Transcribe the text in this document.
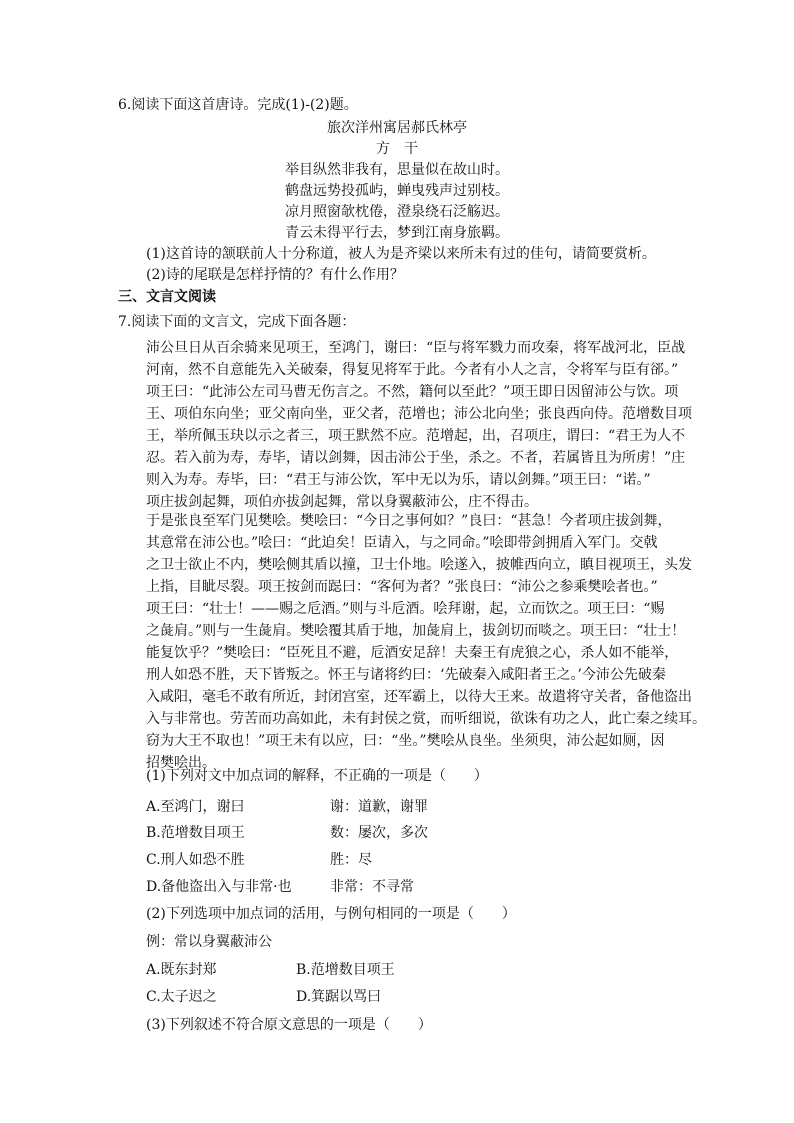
6.阅读下面这首唐诗。完成(1)-(2)题。
旅次洋州寓居郝氏林亭
方　干
举目纵然非我有，思量似在故山时。
鹤盘远势投孤屿，蝉曳残声过别枝。
凉月照窗欹枕倦，澄泉绕石泛觞迟。
青云未得平行去，梦到江南身旅羁。
(1)这首诗的颔联前人十分称道，被人为是齐梁以来所未有过的佳句，请简要赏析。
(2)诗的尾联是怎样抒情的？有什么作用？
三、文言文阅读
7.阅读下面的文言文，完成下面各题：
沛公旦日从百余骑来见项王，至鸿门，谢曰：“臣与将军戮力而攻秦，将军战河北，臣战
河南，然不自意能先入关破秦，得复见将军于此。今者有小人之言，令将军与臣有郤。”
项王曰：“此沛公左司马曹无伤言之。不然，籍何以至此？”项王即日因留沛公与饮。项
王、项伯东向坐；亚父南向坐，亚父者，范增也；沛公北向坐；张良西向侍。范增数目项
王，举所佩玉玦以示之者三，项王默然不应。范增起，出，召项庄，谓曰：“君王为人不
忍。若入前为寿，寿毕，请以剑舞，因击沛公于坐，杀之。不者，若属皆且为所虏！”庄
则入为寿。寿毕，曰：“君王与沛公饮，军中无以为乐，请以剑舞。”项王曰：“诺。”
项庄拔剑起舞，项伯亦拔剑起舞，常以身翼蔽沛公，庄不得击。
于是张良至军门见樊哙。樊哙曰：“今日之事何如？”良曰：“甚急！今者项庄拔剑舞，
其意常在沛公也。”哙曰：“此迫矣！臣请入，与之同命。”哙即带剑拥盾入军门。交戟
之卫士欲止不内，樊哙侧其盾以撞，卫士仆地。哙遂入，披帷西向立，瞋目视项王，头发
上指，目眦尽裂。项王按剑而跽曰：“客何为者？”张良曰：“沛公之参乘樊哙者也。”
项王曰：“壮士！——赐之卮酒。”则与斗卮酒。哙拜谢，起，立而饮之。项王曰：“赐
之彘肩。”则与一生彘肩。樊哙覆其盾于地，加彘肩上，拔剑切而啖之。项王曰：“壮士！
能复饮乎？”樊哙曰：“臣死且不避，卮酒安足辞！夫秦王有虎狼之心，杀人如不能举，
刑人如恐不胜，天下皆叛之。怀王与诸将约曰：‘先破秦入咸阳者王之。’今沛公先破秦
入咸阳，毫毛不敢有所近，封闭宫室，还军霸上，以待大王来。故遣将守关者，备他盗出
入与非常也。劳苦而功高如此，未有封侯之赏，而听细说，欲诛有功之人，此亡秦之续耳。
窃为大王不取也！”项王未有以应，曰：“坐。”樊哙从良坐。坐须臾，沛公起如厕，因
招樊哙出。
(1)下列对文中加点词的解释，不正确的一项是（　　）
A.至鸿门，谢曰	谢：道歉，谢罪
B.范增数目项王	数：屡次，多次
C.刑人如恐不胜	胜：尽
D.备他盗出入与非常·也	非常：不寻常
(2)下列选项中加点词的活用，与例句相同的一项是（　　）
例：常以身翼蔽沛公
A.既东封郑	B.范增数目项王
C.太子迟之	D.箕踞以骂曰
(3)下列叙述不符合原文意思的一项是（　　）
